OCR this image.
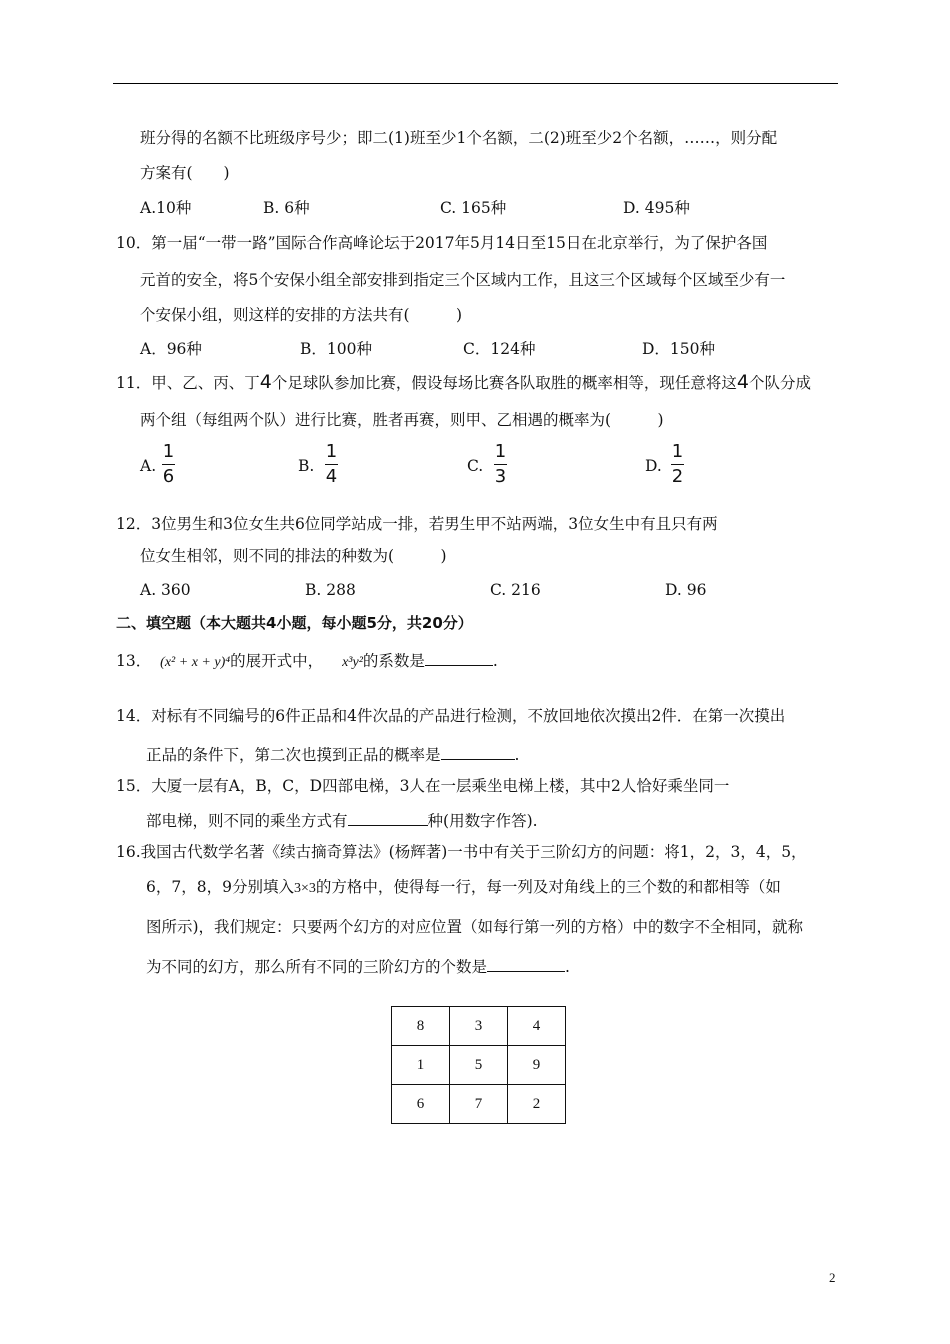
班分得的名额不比班级序号少；即二(1)班至少1个名额，二(2)班至少2个名额，……，则分配
方案有(　　)
A.10种	B. 6种	C. 165种	D. 495种
10．第一届“一带一路”国际合作高峰论坛于2017年5月14日至15日在北京举行，为了保护各国
元首的安全，将5个安保小组全部安排到指定三个区域内工作，且这三个区域每个区域至少有一
个安保小组，则这样的安排的方法共有(　　　)
A．96种	B．100种	C．124种	D．150种
11．甲、乙、丙、丁4个足球队参加比赛，假设每场比赛各队取胜的概率相等，现任意将这4个队分成
两个组（每组两个队）进行比赛，胜者再赛，则甲、乙相遇的概率为(　　　)
A.
1
6	B.
1
4	C.
1
3	D.
1
2
12．3位男生和3位女生共6位同学站成一排，若男生甲不站两端，3位女生中有且只有两
位女生相邻，则不同的排法的种数为(　　　)
A. 360	B. 288	C. 216	D. 96
二、填空题（本大题共4小题，每小题5分，共20分）
13． (x² + x + y)⁴的展开式中， x³y²的系数是	.
14．对标有不同编号的6件正品和4件次品的产品进行检测，不放回地依次摸出2件．在第一次摸出
正品的条件下，第二次也摸到正品的概率是	.
15．大厦一层有A，B，C，D四部电梯，3人在一层乘坐电梯上楼，其中2人恰好乘坐同一
部电梯，则不同的乘坐方式有	种(用数字作答).
16.我国古代数学名著《续古摘奇算法》(杨辉著)一书中有关于三阶幻方的问题：将1，2，3，4，5，
6，7，8，9分别填入3×3的方格中，使得每一行，每一列及对角线上的三个数的和都相等（如
图所示)，我们规定：只要两个幻方的对应位置（如每行第一列的方格）中的数字不全相同，就称
为不同的幻方，那么所有不同的三阶幻方的个数是	.
8	3	4
1	5	9
6	7	2
2
